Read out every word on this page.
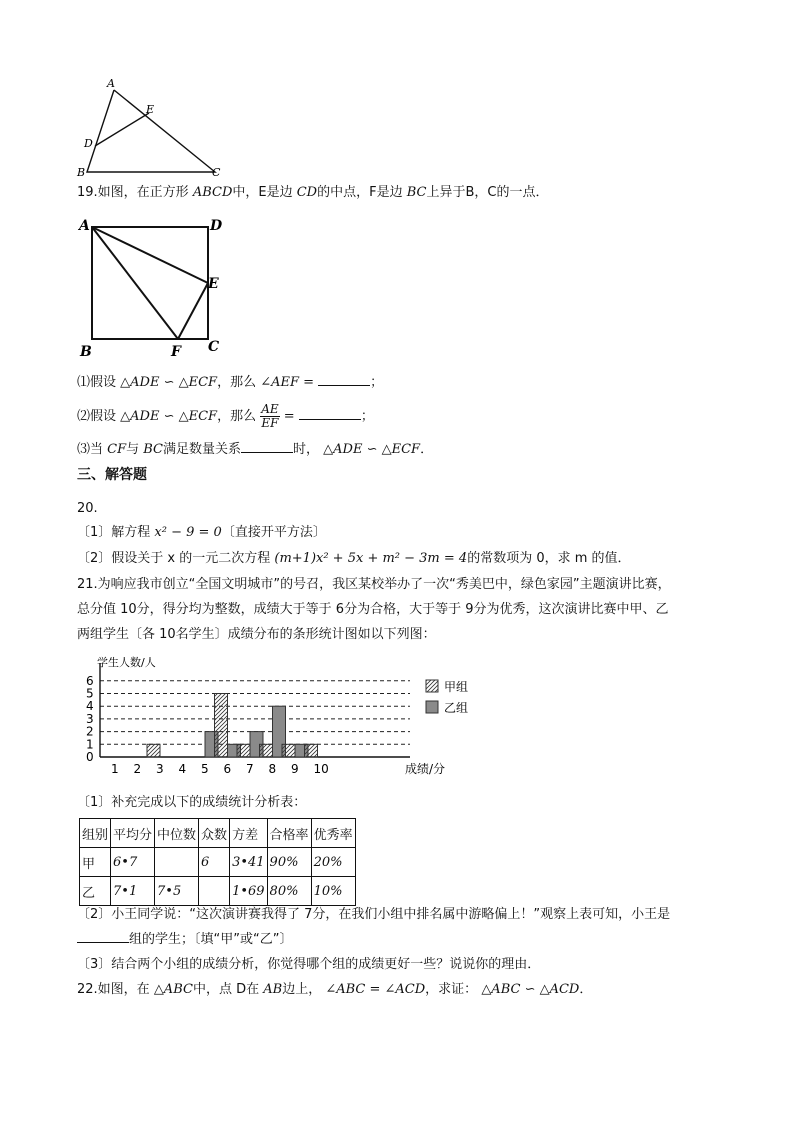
A
E
D
B	C
19.如图，在正方形 ABCD中，E是边 CD的中点，F是边 BC上异于B，C的一点．
A	D
E
B	F C
⑴假设 △ADE ∽ △ECF，那么 ∠AEF =	；
⑵假设 △ADE ∽ △ECF，那么 $\frac{AE}{EF}$ =	；
⑶当 CF与 BC满足数量关系	时， △ADE ∽ △ECF．
三、解答题
20.
〔1〕解方程 x² − 9 = 0〔直接开平方法〕
〔2〕假设关于 x 的一元二次方程 (m+1)x² + 5x + m² − 3m = 4的常数项为 0，求 m 的值．
21.为响应我市创立“全国文明城市”的号召，我区某校举办了一次“秀美巴中，绿色家园”主题演讲比赛，
总分值 10分，得分均为整数，成绩大于等于 6分为合格，大于等于 9分为优秀，这次演讲比赛中甲、乙
两组学生〔各 10名学生〕成绩分布的条形统计图如以下列图：
0
1
2
3
4
5
6
学生人数/人
1 2 3 4 5 6 7 8 9 10	成绩/分
甲组
乙组
〔1〕补充完成以下的成绩统计分析表：
组别	平均分	中位数	众数	方差	合格率	优秀率
甲	6•7		6	3•41	90%	20%
乙	7•1	7•5		1•69	80%	10%
〔2〕小王同学说：“这次演讲赛我得了 7分，在我们小组中排名属中游略偏上！”观察上表可知，小王是
组的学生；〔填“甲”或“乙”〕
〔3〕结合两个小组的成绩分析，你觉得哪个组的成绩更好一些？说说你的理由．
22.如图，在 △ABC中，点 D在 AB边上， ∠ABC = ∠ACD，求证： △ABC ∽ △ACD．
